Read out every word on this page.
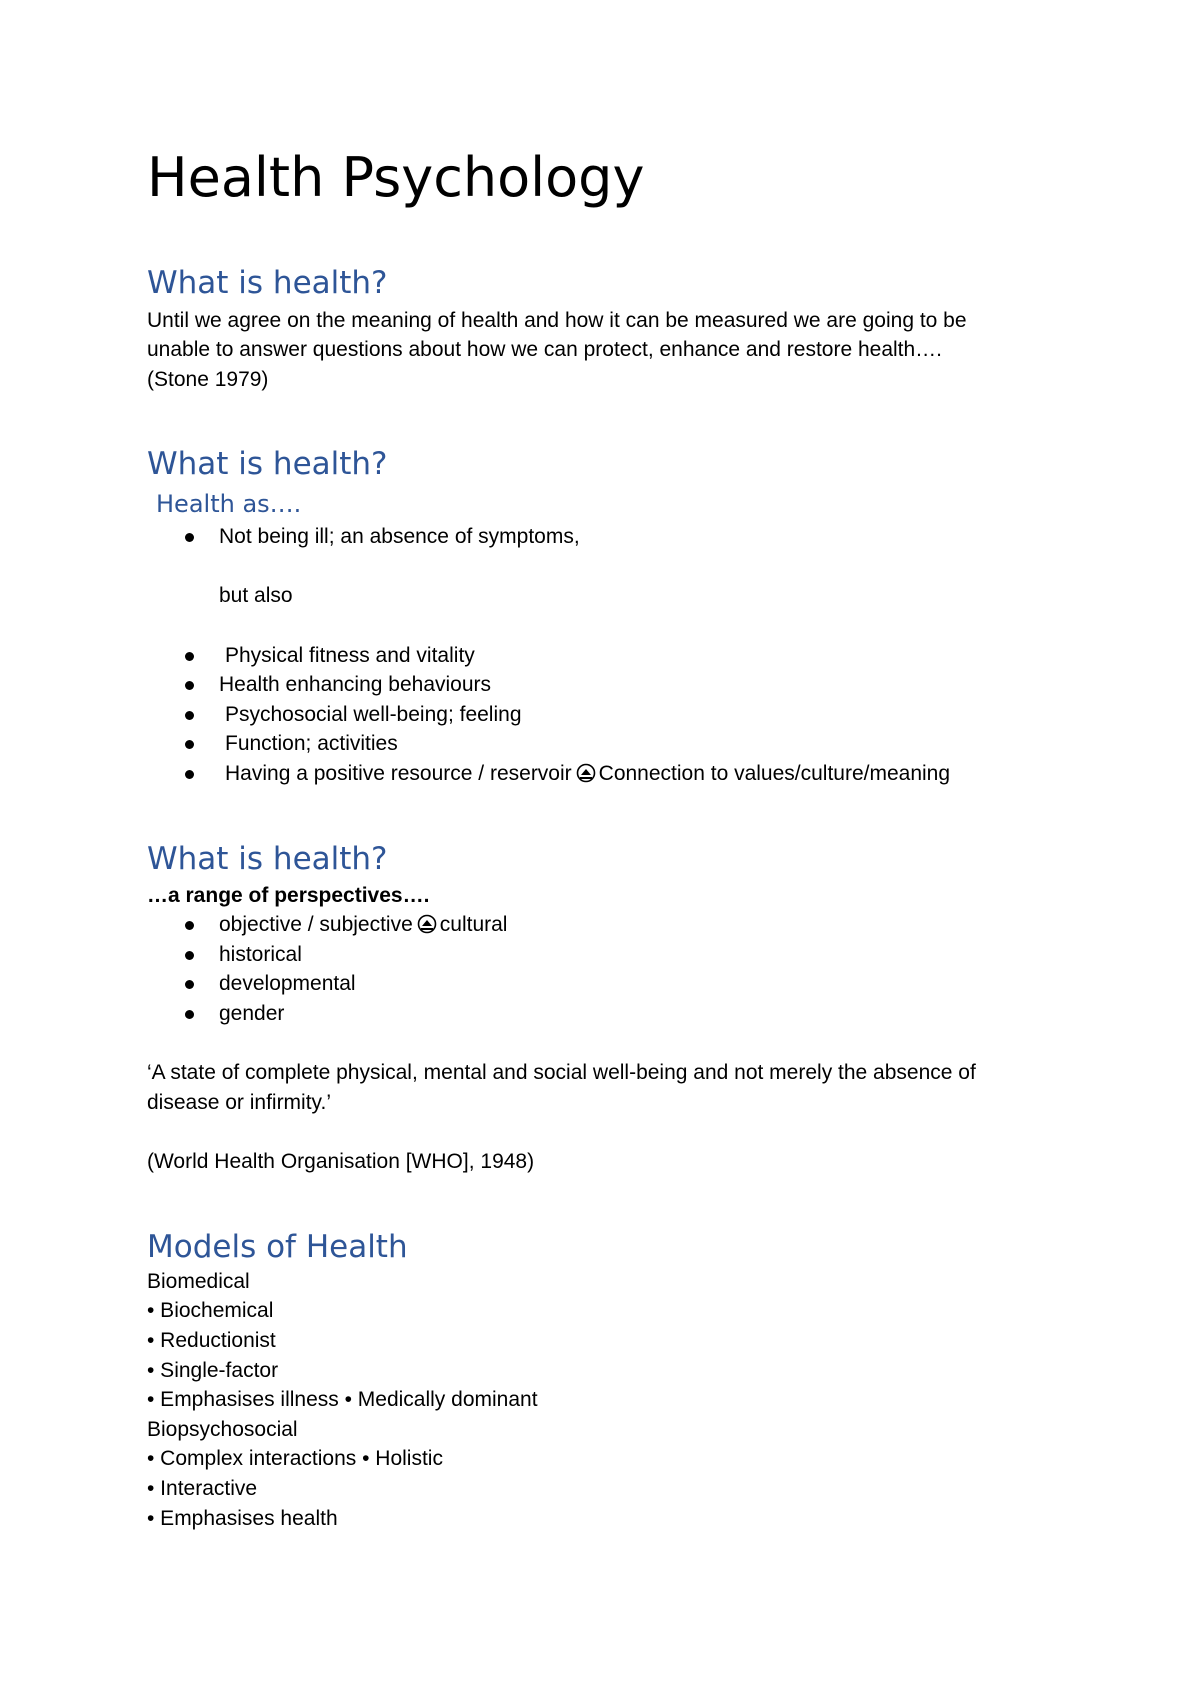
Health Psychology
What is health?

Until we agree on the meaning of health and how it can be measured we are going to be

unable to answer questions about how we can protect, enhance and restore health….

(Stone 1979)

What is health?
Health as….
Not being ill; an absence of symptoms,

but also

Physical fitness and vitality
Health enhancing behaviours
Psychosocial well-being; feeling
Function; activities
Having a positive resource / reservoir Connection to values/culture/meaning
What is health?

…a range of perspectives….

objective / subjective cultural
historical
developmental
gender

‘A state of complete physical, mental and social well-being and not merely the absence of

disease or infirmity.’

(World Health Organisation [WHO], 1948)

Models of Health

Biomedical

• Biochemical

• Reductionist

• Single-factor

• Emphasises illness • Medically dominant

Biopsychosocial

• Complex interactions • Holistic

• Interactive

• Emphasises health
